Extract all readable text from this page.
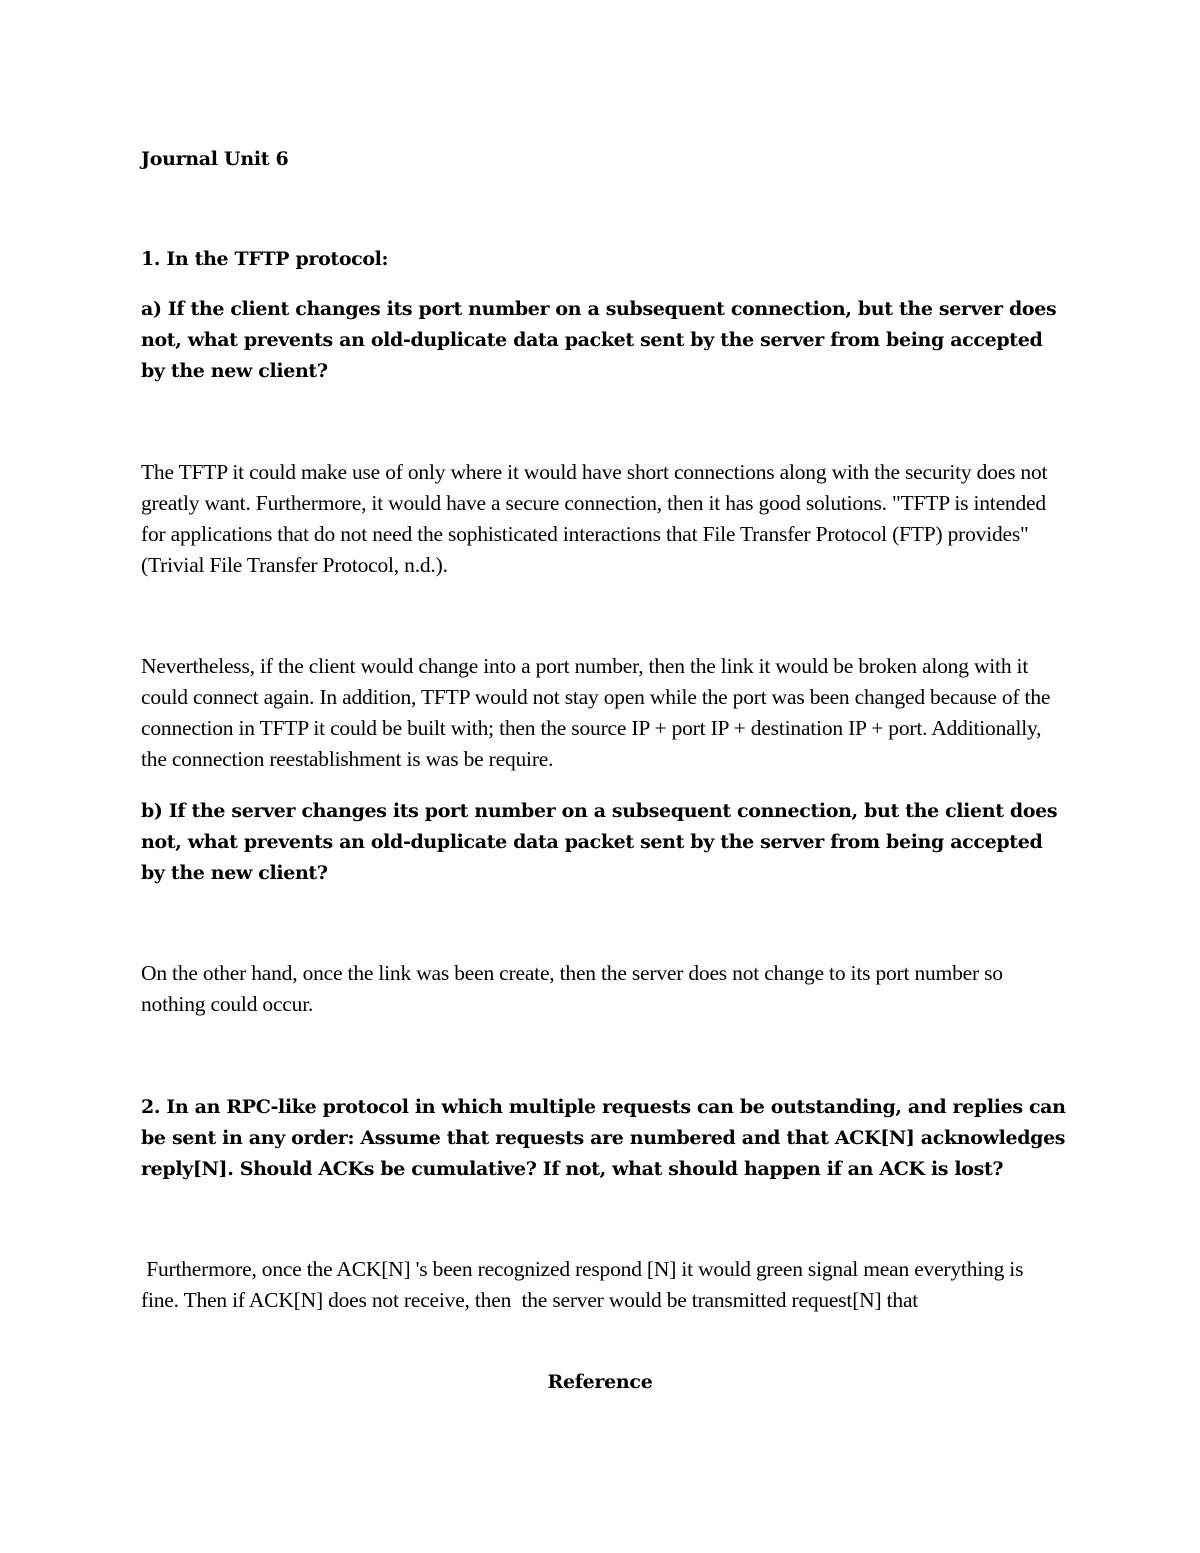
Journal Unit 6

1. In the TFTP protocol:

a) If the client changes its port number on a subsequent connection, but the server does not, what prevents an old-duplicate data packet sent by the server from being accepted by the new client?

The TFTP it could make use of only where it would have short connections along with the security does not greatly want. Furthermore, it would have a secure connection, then it has good solutions. "TFTP is intended for applications that do not need the sophisticated interactions that File Transfer Protocol (FTP) provides" (Trivial File Transfer Protocol, n.d.).

Nevertheless, if the client would change into a port number, then the link it would be broken along with it could connect again. In addition, TFTP would not stay open while the port was been changed because of the connection in TFTP it could be built with; then the source IP + port IP + destination IP + port. Additionally, the connection reestablishment is was be require.

b) If the server changes its port number on a subsequent connection, but the client does not, what prevents an old-duplicate data packet sent by the server from being accepted by the new client?

On the other hand, once the link was been create, then the server does not change to its port number so nothing could occur.

2. In an RPC-like protocol in which multiple requests can be outstanding, and replies can be sent in any order: Assume that requests are numbered and that ACK[N] acknowledges reply[N]. Should ACKs be cumulative? If not, what should happen if an ACK is lost?

Furthermore, once the ACK[N] 's been recognized respond [N] it would green signal mean everything is fine. Then if ACK[N] does not receive, then  the server would be transmitted request[N] that

Reference
